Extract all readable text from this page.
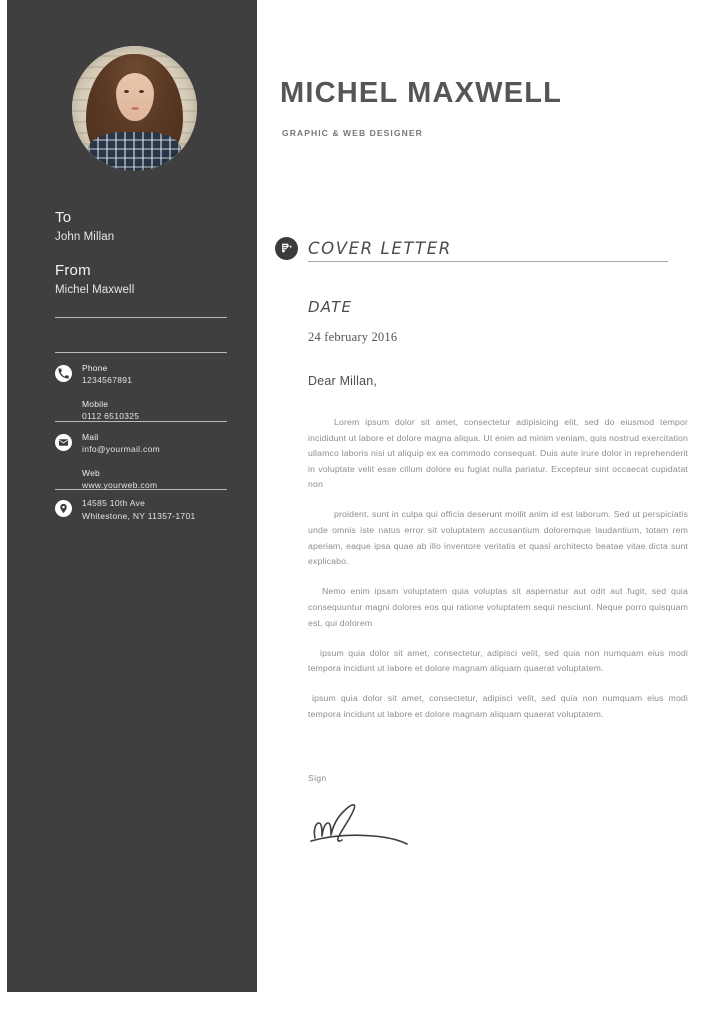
To
John Millan
From
Michel Maxwell
Phone
1234567891
Mobile
0112 6510325
Mail
info@yourmail.com
Web
www.yourweb.com
14585 10th Ave
Whitestone, NY 11357-1701
MICHEL MAXWELL
GRAPHIC & WEB DESIGNER
COVER LETTER
DATE
24 february 2016
Dear Millan,

Lorem ipsum dolor sit amet, consectetur adipisicing elit, sed do eiusmod tempor incididunt ut labore et dolore magna aliqua. Ut enim ad minim veniam, quis nostrud exercitation ullamco laboris nisi ut aliquip ex ea commodo consequat. Duis aute irure dolor in reprehenderit in voluptate velit esse cillum dolore eu fugiat nulla pariatur. Excepteur sint occaecat cupidatat non

proident, sunt in culpa qui officia deserunt mollit anim id est laborum. Sed ut perspiciatis unde omnis iste natus error sit voluptatem accusantium doloremque laudantium, totam rem aperiam, eaque ipsa quae ab illo inventore veritatis et quasi architecto beatae vitae dicta sunt explicabo.

Nemo enim ipsam voluptatem quia voluptas sit aspernatur aut odit aut fugit, sed quia consequuntur magni dolores eos qui ratione voluptatem sequi nesciunt. Neque porro quisquam est, qui dolorem

ipsum quia dolor sit amet, consectetur, adipisci velit, sed quia non numquam eius modi tempora incidunt ut labore et dolore magnam aliquam quaerat voluptatem.

ipsum quia dolor sit amet, consectetur, adipisci velit, sed quia non numquam eius modi tempora incidunt ut labore et dolore magnam aliquam quaerat voluptatem.

Sign
